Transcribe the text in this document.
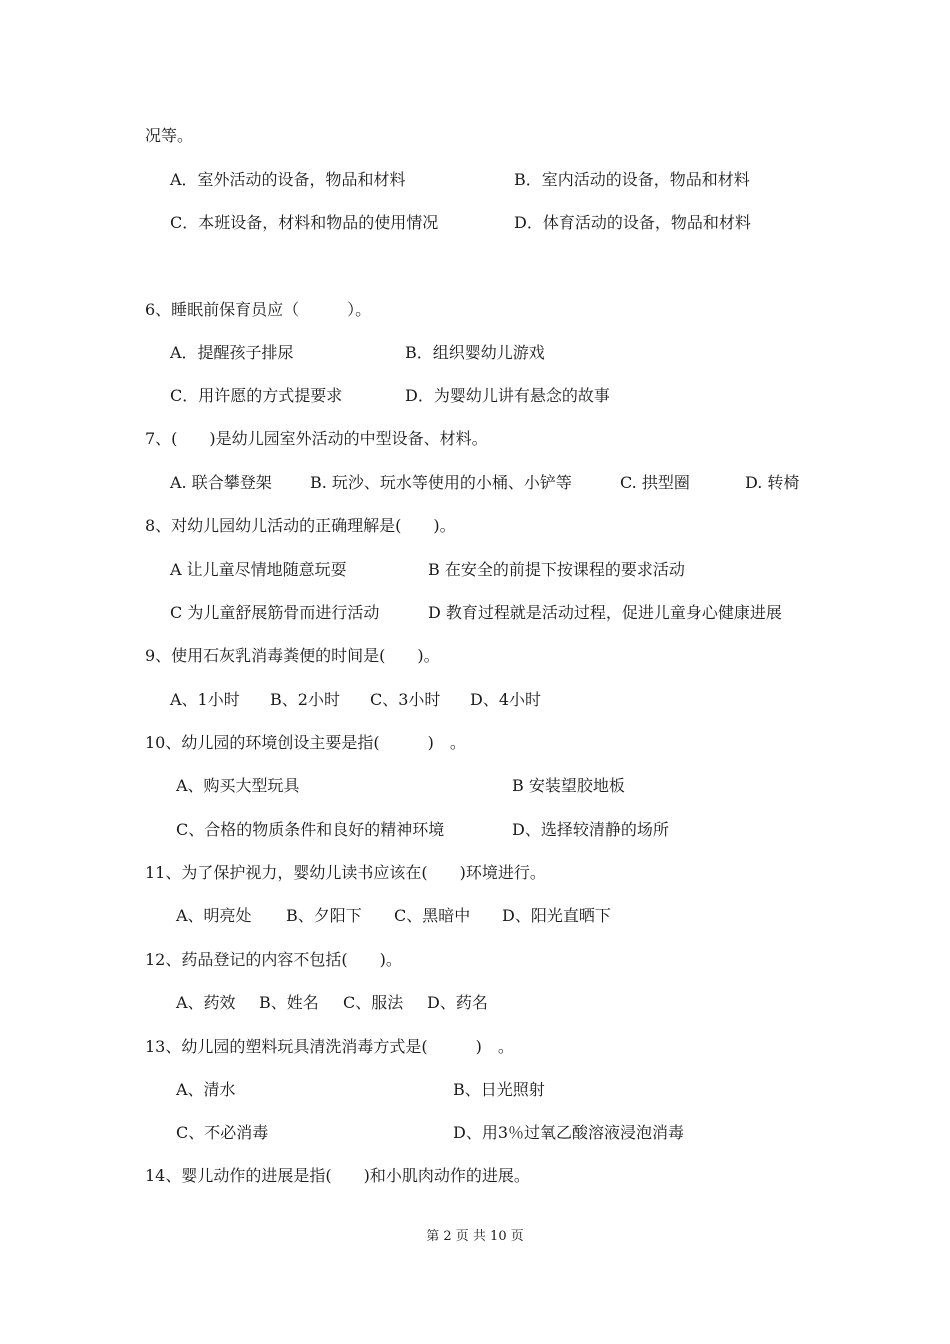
况等。
A．室外活动的设备，物品和材料	B．室内活动的设备，物品和材料
C．本班设备，材料和物品的使用情况	D．体育活动的设备，物品和材料
6、睡眠前保育员应（　　　）。
A．提醒孩子排尿	B．组织婴幼儿游戏
C．用许愿的方式提要求	D．为婴幼儿讲有悬念的故事
7、(　　)是幼儿园室外活动的中型设备、材料。
A. 联合攀登架 B. 玩沙、玩水等使用的小桶、小铲等	C. 拱型圈	D. 转椅
8、对幼儿园幼儿活动的正确理解是(　　)。
A 让儿童尽情地随意玩耍	B 在安全的前提下按课程的要求活动
C 为儿童舒展筋骨而进行活动	D 教育过程就是活动过程，促进儿童身心健康进展
9、使用石灰乳消毒粪便的时间是(　　)。
A、1小时 B、2小时 C、3小时 D、4小时
10、幼儿园的环境创设主要是指(　　　)　。
A、购买大型玩具	B 安装望胶地板
C、合格的物质条件和良好的精神环境	D、选择较清静的场所
11、为了保护视力，婴幼儿读书应该在(　　)环境进行。
A、明亮处 B、夕阳下 C、黑暗中 D、阳光直晒下
12、药品登记的内容不包括(　　)。
A、药效 B、姓名 C、服法 D、药名
13、幼儿园的塑料玩具清洗消毒方式是(　　　)　。
A、清水	B、日光照射
C、不必消毒	D、用3％过氧乙酸溶液浸泡消毒
14、婴儿动作的进展是指(　　)和小肌肉动作的进展。
第 2 页 共 10 页
